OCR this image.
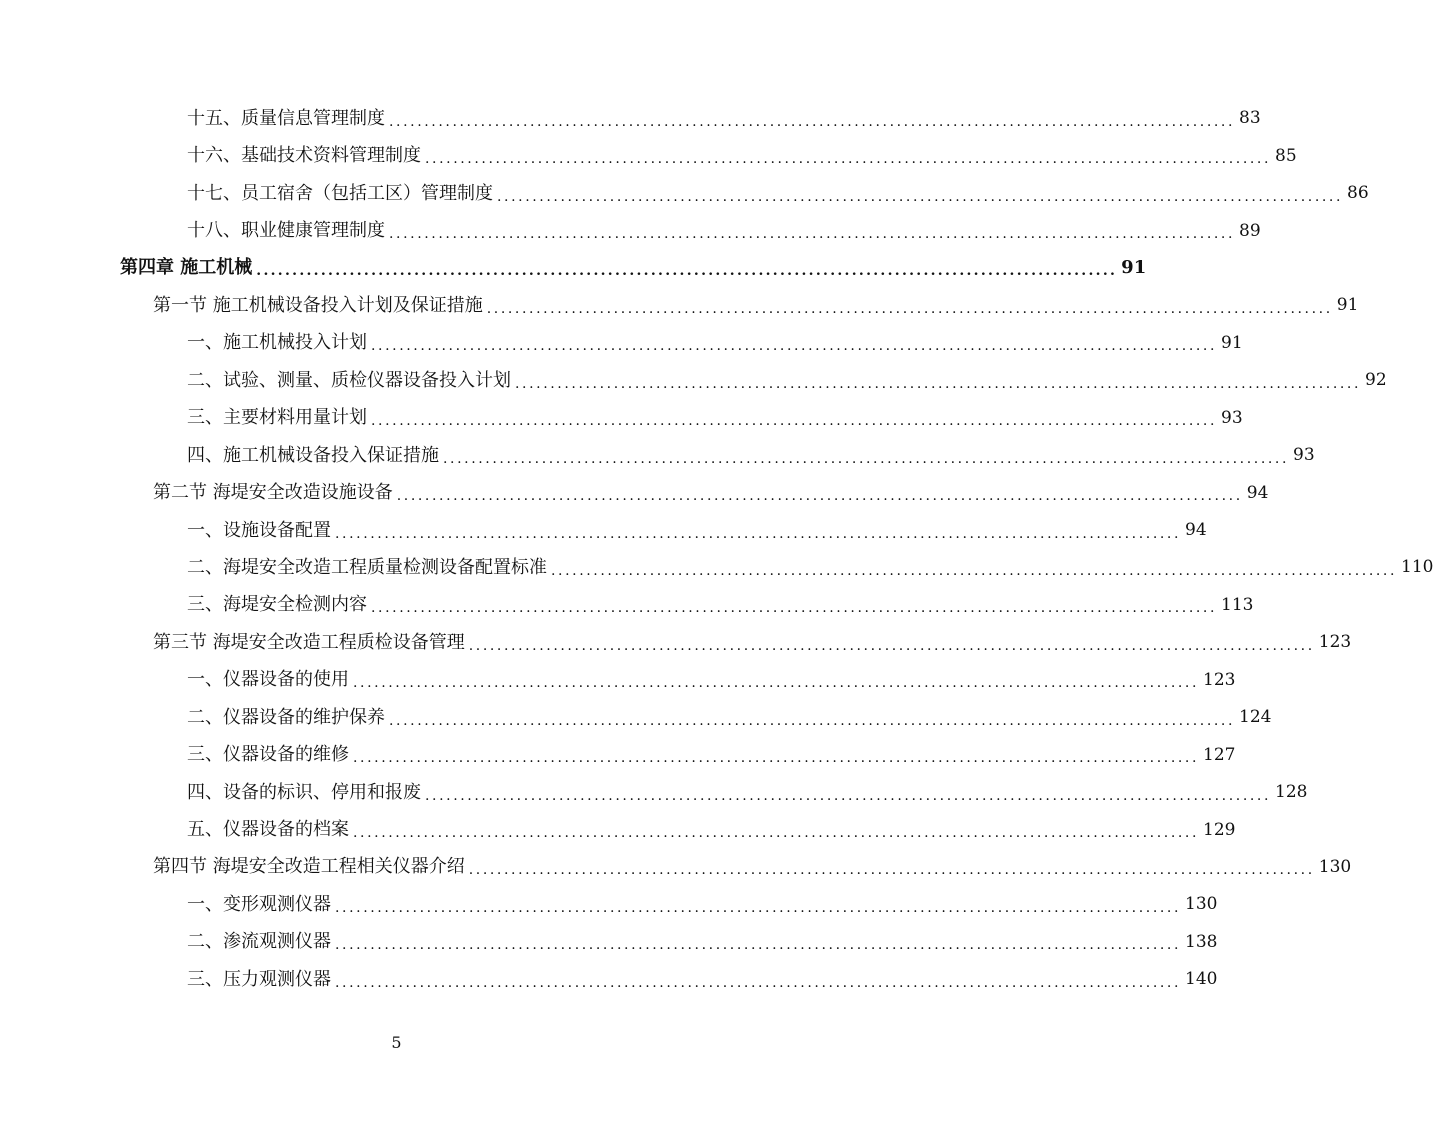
十五、质量信息管理制度 ........................................................................................................................ 83
十六、基础技术资料管理制度 ........................................................................................................................ 85
十七、员工宿舍（包括工区）管理制度 ........................................................................................................................ 86
十八、职业健康管理制度 ........................................................................................................................ 89
第四章 施工机械 ........................................................................................................................ 91
第一节 施工机械设备投入计划及保证措施 ........................................................................................................................ 91
一、施工机械投入计划 ........................................................................................................................ 91
二、试验、测量、质检仪器设备投入计划 ........................................................................................................................ 92
三、主要材料用量计划 ........................................................................................................................ 93
四、施工机械设备投入保证措施 ........................................................................................................................ 93
第二节 海堤安全改造设施设备 ........................................................................................................................ 94
一、设施设备配置 ........................................................................................................................ 94
二、海堤安全改造工程质量检测设备配置标准 ........................................................................................................................ 110
三、海堤安全检测内容 ........................................................................................................................ 113
第三节 海堤安全改造工程质检设备管理 ........................................................................................................................ 123
一、仪器设备的使用 ........................................................................................................................ 123
二、仪器设备的维护保养 ........................................................................................................................ 124
三、仪器设备的维修 ........................................................................................................................ 127
四、设备的标识、停用和报废 ........................................................................................................................ 128
五、仪器设备的档案 ........................................................................................................................ 129
第四节 海堤安全改造工程相关仪器介绍 ........................................................................................................................ 130
一、变形观测仪器 ........................................................................................................................ 130
二、渗流观测仪器 ........................................................................................................................ 138
三、压力观测仪器 ........................................................................................................................ 140
5
